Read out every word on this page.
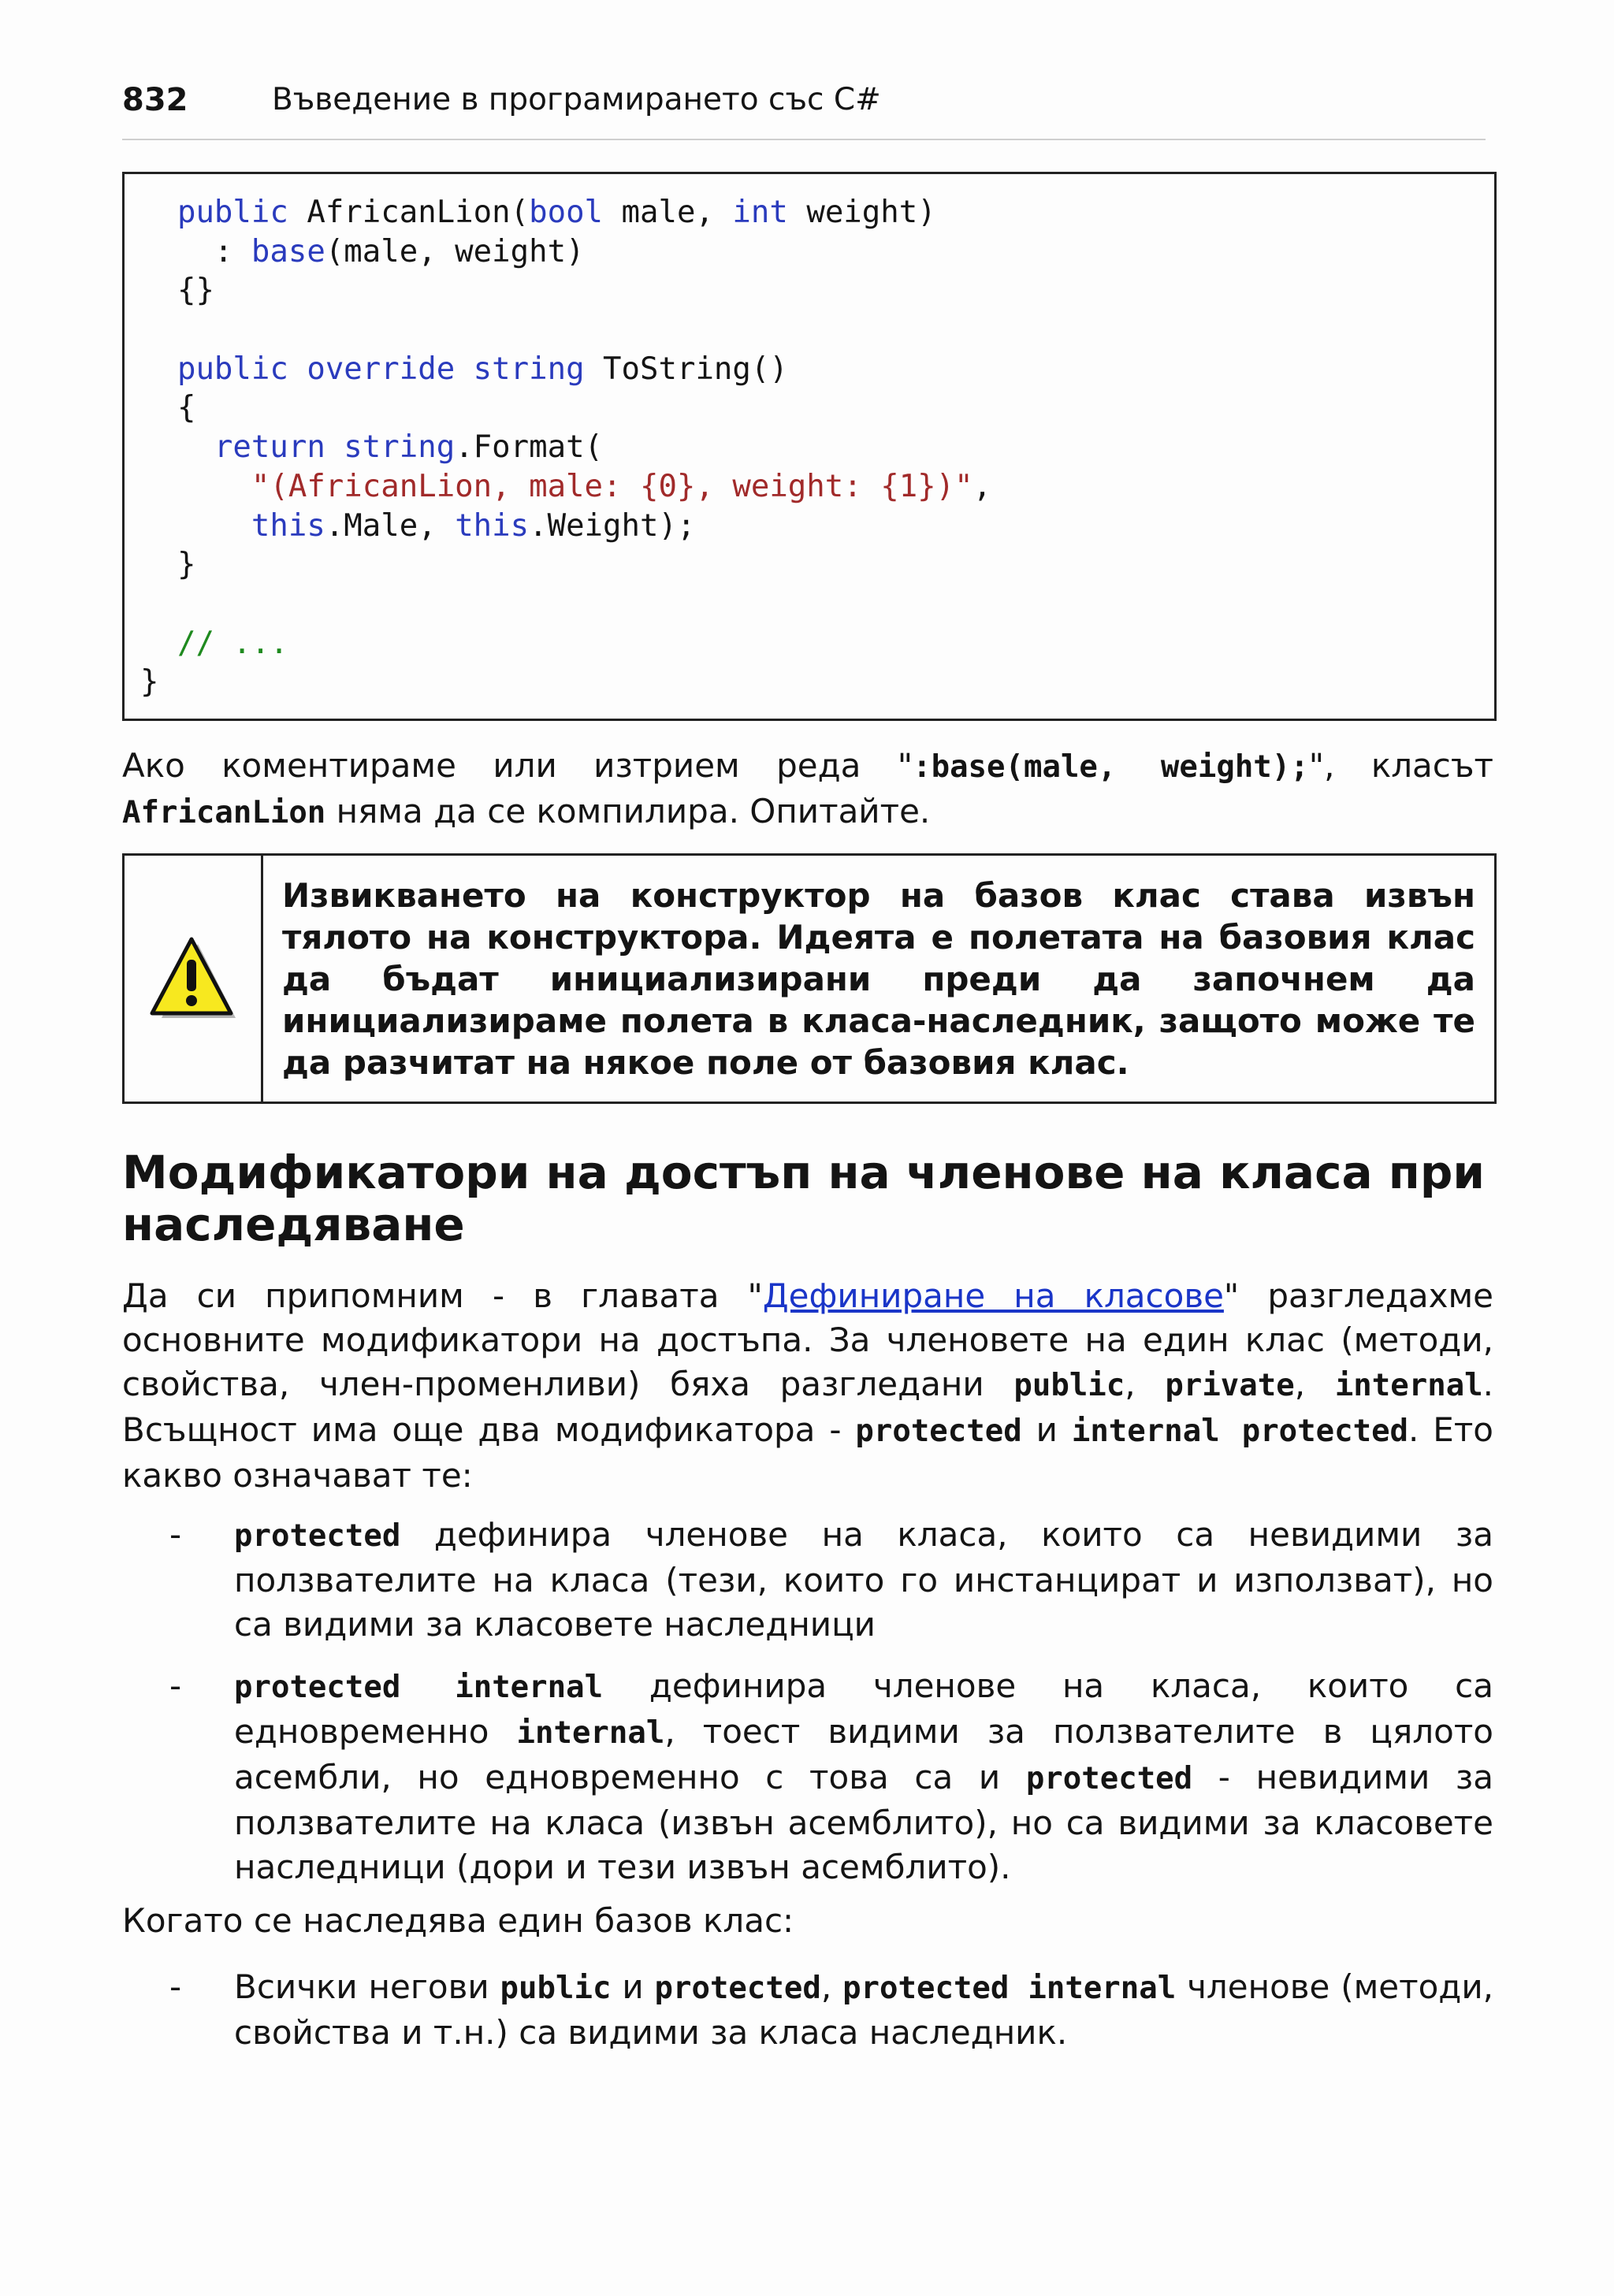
832	Въведение в програмирането със C#
public AfricanLion(bool male, int weight)
: base(male, weight)
{}

public override string ToString()
{
return string.Format(
"(AfricanLion, male: {0}, weight: {1})",
this.Male, this.Weight);
}

// ...
}
Ако коментираме или изтрием реда ":base(male, weight);", класът AfricanLion няма да се компилира. Опитайте.
Извикването на конструктор на базов клас става извън тялото на конструктора. Идеята е полетата на базовия клас да бъдат инициализирани преди да започнем да инициализираме полета в класа-наследник, защото може те да разчитат на някое поле от базовия клас.
Модификатори на достъп на членове на класа при наследяване
Да си припомним - в главата "Дефиниране на класове" разгледахме основните модификатори на достъпа. За членовете на един клас (методи, свойства, член-променливи) бяха разгледани public, private, internal. Всъщност има още два модификатора - protected и internal protected. Ето какво означават те:
- protected дефинира членове на класа, които са невидими за ползвателите на класа (тези, които го инстанцират и използват), но са видими за класовете наследници
- protected internal дефинира членове на класа, които са едновременно internal, тоест видими за ползвателите в цялото асембли, но едновременно с това са и protected - невидими за ползвателите на класа (извън асемблито), но са видими за класовете наследници (дори и тези извън асемблито).
Когато се наследява един базов клас:
- Всички негови public и protected, protected internal членове (методи, свойства и т.н.) са видими за класа наследник.
